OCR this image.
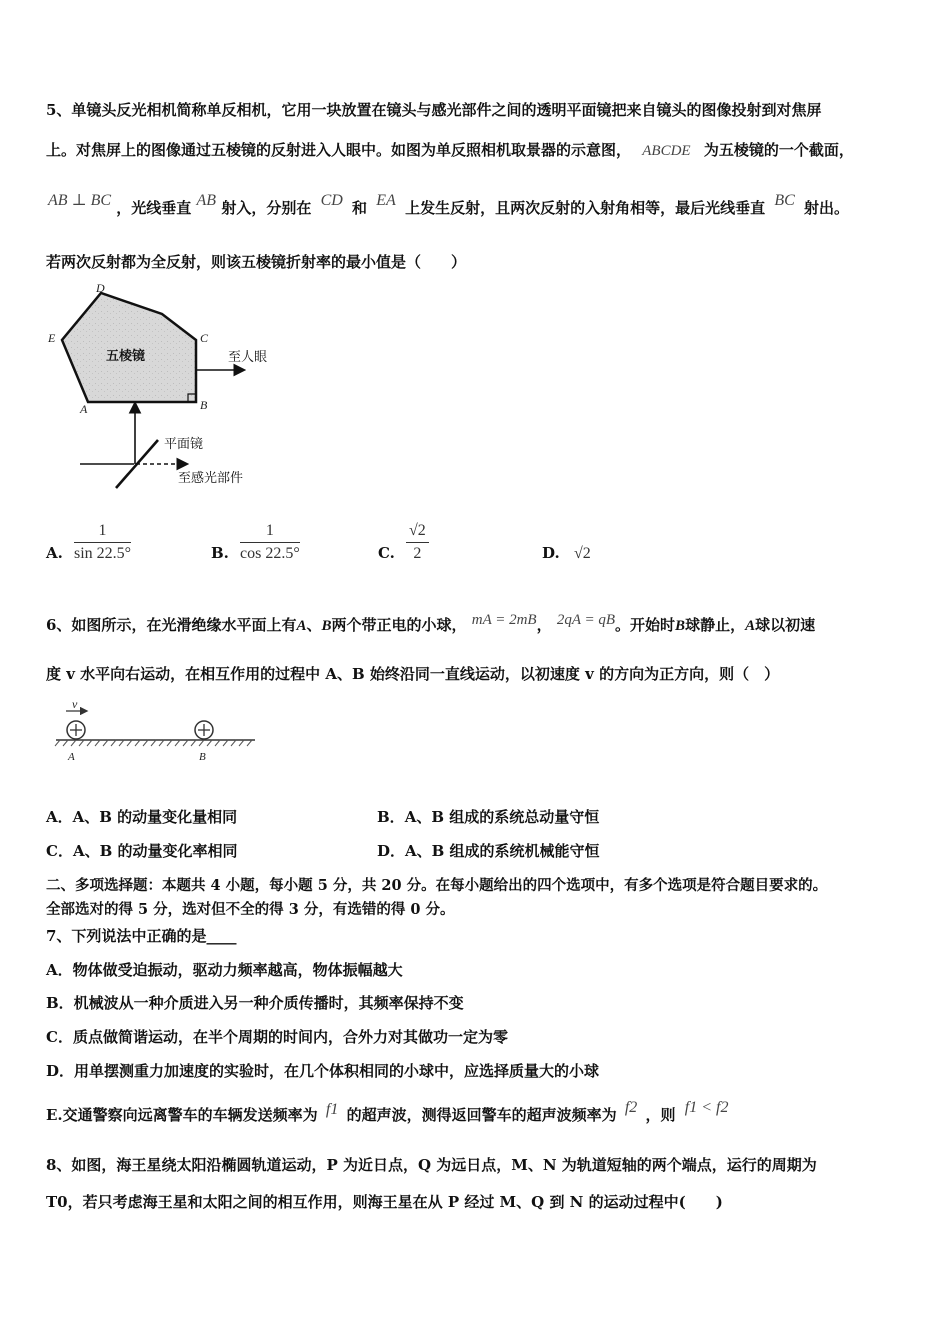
5、单镜头反光相机简称单反相机，它用一块放置在镜头与感光部件之间的透明平面镜把来自镜头的图像投射到对焦屏
上。对焦屏上的图像通过五棱镜的反射进入人眼中。如图为单反照相机取景器的示意图， ABCDE 为五棱镜的一个截面，
AB ⊥ BC ，光线垂直 AB 射入，分别在 CD 和 EA 上发生反射，且两次反射的入射角相等，最后光线垂直 BC 射出。
若两次反射都为全反射，则该五棱镜折射率的最小值是（　　）
五棱镜
A	B
C
D
E
至人眼
平面镜
至感光部件
A. $\frac{1}{\sin 22.5^\circ}$	B. $\frac{1}{\cos 22.5^\circ}$	C. $\frac{√2}{2}$	D. √2
6、如图所示，在光滑绝缘水平面上有A、B两个带正电的小球， mA = 2mB， 2qA = qB。开始时B球静止，A球以初速
度 v 水平向右运动，在相互作用的过程中 A、B 始终沿同一直线运动，以初速度 v 的方向为正方向，则（　）
v
A	B
A．A、B 的动量变化量相同	B．A、B 组成的系统总动量守恒
C．A、B 的动量变化率相同	D．A、B 组成的系统机械能守恒
二、多项选择题：本题共 4 小题，每小题 5 分，共 20 分。在每小题给出的四个选项中，有多个选项是符合题目要求的。
全部选对的得 5 分，选对但不全的得 3 分，有选错的得 0 分。
7、下列说法中正确的是____
A．物体做受迫振动，驱动力频率越高，物体振幅越大
B．机械波从一种介质进入另一种介质传播时，其频率保持不变
C．质点做简谐运动，在半个周期的时间内，合外力对其做功一定为零
D．用单摆测重力加速度的实验时，在几个体积相同的小球中，应选择质量大的小球
E.交通警察向远离警车的车辆发送频率为 f1 的超声波，测得返回警车的超声波频率为 f2 ，则 f1 < f2
8、如图，海王星绕太阳沿椭圆轨道运动，P 为近日点，Q 为远日点，M、N 为轨道短轴的两个端点，运行的周期为
T0，若只考虑海王星和太阳之间的相互作用，则海王星在从 P 经过 M、Q 到 N 的运动过程中(　　)
